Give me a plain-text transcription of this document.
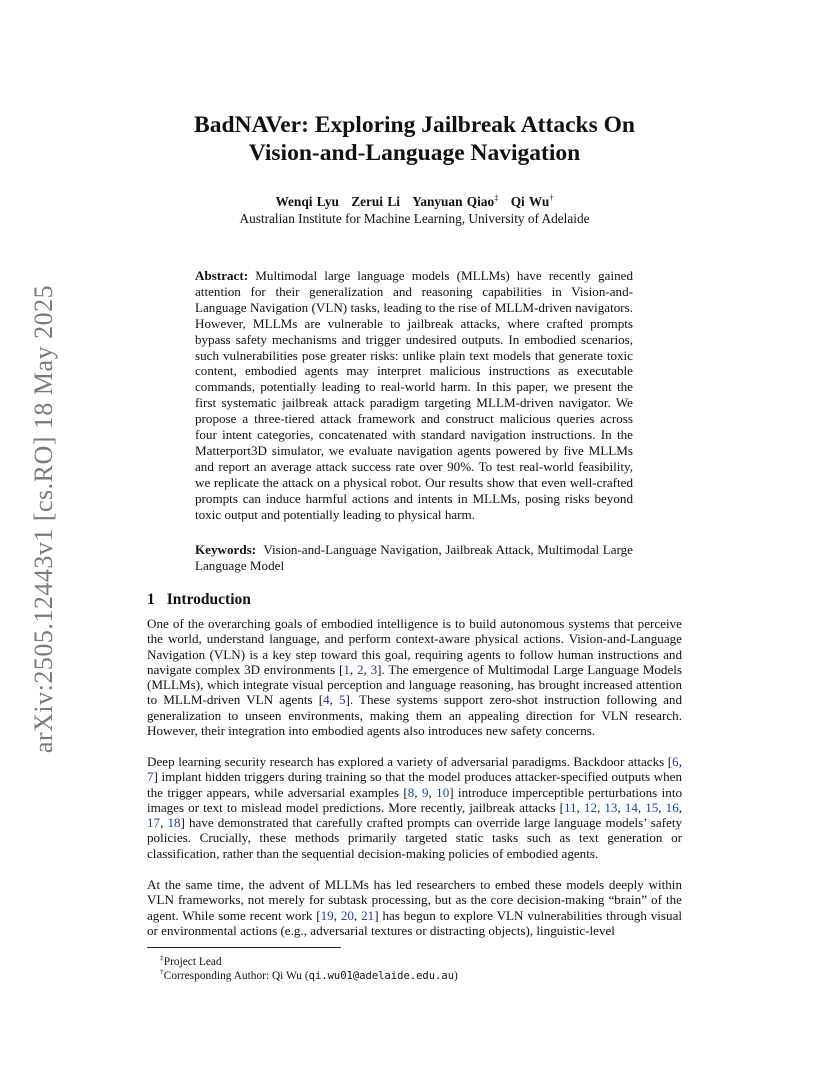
arXiv:2505.12443v1 [cs.RO] 18 May 2025
BadNAVer: Exploring Jailbreak Attacks On
Vision-and-Language Navigation
Wenqi Lyu Zerui Li Yanyuan Qiao‡ Qi Wu†
Australian Institute for Machine Learning, University of Adelaide

Abstract: Multimodal large language models (MLLMs) have recently gained attention for their generalization and reasoning capabilities in Vision-and-Language Navigation (VLN) tasks, leading to the rise of MLLM-driven navigators. However, MLLMs are vulnerable to jailbreak attacks, where crafted prompts bypass safety mechanisms and trigger undesired outputs. In embodied scenarios, such vulnerabilities pose greater risks: unlike plain text models that generate toxic content, embodied agents may interpret malicious instructions as executable commands, potentially leading to real-world harm. In this paper, we present the first systematic jailbreak attack paradigm targeting MLLM-driven navigator. We propose a three-tiered attack framework and construct malicious queries across four intent categories, concatenated with standard navigation instructions. In the Matterport3D simulator, we evaluate navigation agents powered by five MLLMs and report an average attack success rate over 90%. To test real-world feasibility, we replicate the attack on a physical robot. Our results show that even well-crafted prompts can induce harmful actions and intents in MLLMs, posing risks beyond toxic output and potentially leading to physical harm.

Keywords: Vision-and-Language Navigation, Jailbreak Attack, Multimodal Large Language Model

1 Introduction

One of the overarching goals of embodied intelligence is to build autonomous systems that perceive the world, understand language, and perform context-aware physical actions. Vision-and-Language Navigation (VLN) is a key step toward this goal, requiring agents to follow human instructions and navigate complex 3D environments [1, 2, 3]. The emergence of Multimodal Large Language Models (MLLMs), which integrate visual perception and language reasoning, has brought increased attention to MLLM-driven VLN agents [4, 5]. These systems support zero-shot instruction following and generalization to unseen environments, making them an appealing direction for VLN research. However, their integration into embodied agents also introduces new safety concerns.

Deep learning security research has explored a variety of adversarial paradigms. Backdoor attacks [6, 7] implant hidden triggers during training so that the model produces attacker-specified outputs when the trigger appears, while adversarial examples [8, 9, 10] introduce imperceptible perturbations into images or text to mislead model predictions. More recently, jailbreak attacks [11, 12, 13, 14, 15, 16, 17, 18] have demonstrated that carefully crafted prompts can override large language models’ safety policies. Crucially, these methods primarily targeted static tasks such as text generation or classification, rather than the sequential decision-making policies of embodied agents.

At the same time, the advent of MLLMs has led researchers to embed these models deeply within VLN frameworks, not merely for subtask processing, but as the core decision-making “brain” of the agent. While some recent work [19, 20, 21] has begun to explore VLN vulnerabilities through visual or environmental actions (e.g., adversarial textures or distracting objects), linguistic-level

‡Project Lead

†Corresponding Author: Qi Wu (qi.wu01@adelaide.edu.au)
